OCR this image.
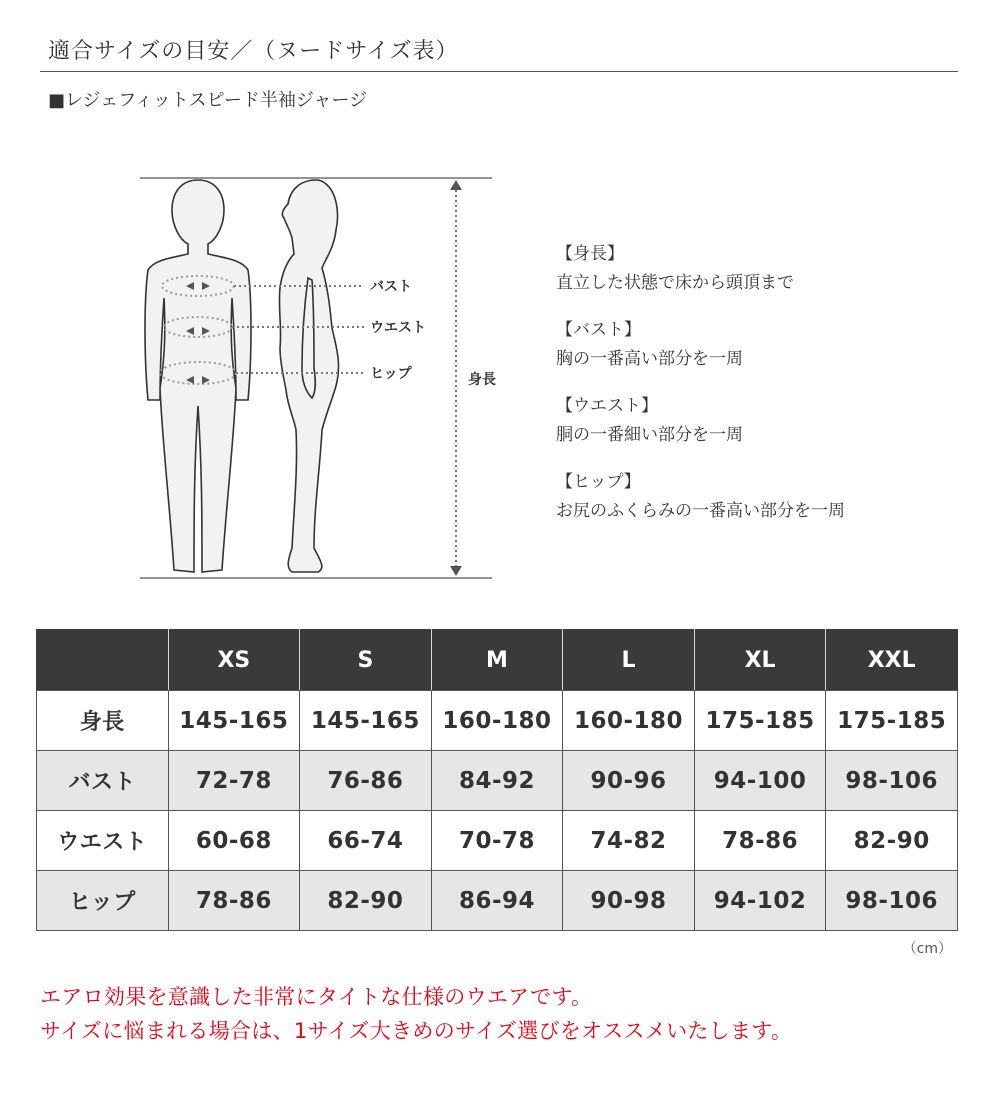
適合サイズの目安／（ヌードサイズ表）
■レジェフィットスピード半袖ジャージ
バスト
ウエスト
ヒップ	身長
【身長】
直立した状態で床から頭頂まで
【バスト】
胸の一番高い部分を一周
【ウエスト】
胴の一番細い部分を一周
【ヒップ】
お尻のふくらみの一番高い部分を一周
	XS	S	M	L	XL	XXL
身長	145-165	145-165	160-180	160-180	175-185	175-185
バスト	72-78	76-86	84-92	90-96	94-100	98-106
ウエスト	60-68	66-74	70-78	74-82	78-86	82-90
ヒップ	78-86	82-90	86-94	90-98	94-102	98-106
（cm）
エアロ効果を意識した非常にタイトな仕様のウエアです。
サイズに悩まれる場合は、1サイズ大きめのサイズ選びをオススメいたします。
